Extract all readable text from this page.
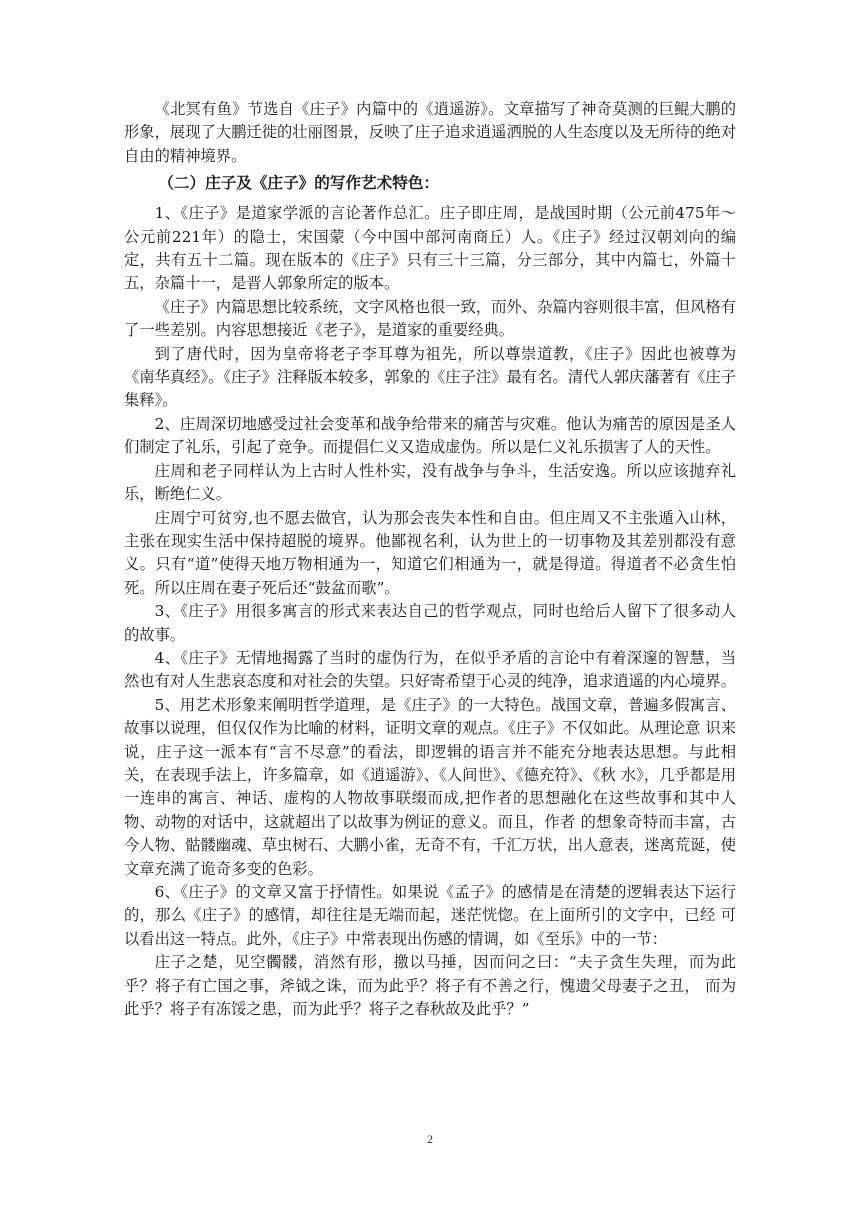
《北冥有鱼》节选自《庄子》内篇中的《逍遥游》。文章描写了神奇莫测的巨鲲大鹏的形象，展现了大鹏迁徙的壮丽图景，反映了庄子追求逍遥洒脱的人生态度以及无所待的绝对自由的精神境界。

（二）庄子及《庄子》的写作艺术特色：

1、《庄子》是道家学派的言论著作总汇。庄子即庄周，是战国时期（公元前475年～公元前221年）的隐士，宋国蒙（今中国中部河南商丘）人。《庄子》经过汉朝刘向的编定，共有五十二篇。现在版本的《庄子》只有三十三篇，分三部分，其中内篇七，外篇十五，杂篇十一，是晋人郭象所定的版本。

《庄子》内篇思想比较系统，文字风格也很一致，而外、杂篇内容则很丰富，但风格有了一些差别。内容思想接近《老子》，是道家的重要经典。

到了唐代时，因为皇帝将老子李耳尊为祖先，所以尊崇道教，《庄子》因此也被尊为《南华真经》。《庄子》注释版本较多，郭象的《庄子注》最有名。清代人郭庆藩著有《庄子集释》。

2、庄周深切地感受过社会变革和战争给带来的痛苦与灾难。他认为痛苦的原因是圣人们制定了礼乐，引起了竞争。而提倡仁义又造成虚伪。所以是仁义礼乐损害了人的天性。

庄周和老子同样认为上古时人性朴实，没有战争与争斗，生活安逸。所以应该抛弃礼乐，断绝仁义。

庄周宁可贫穷,也不愿去做官，认为那会丧失本性和自由。但庄周又不主张遁入山林，主张在现实生活中保持超脱的境界。他鄙视名利，认为世上的一切事物及其差别都没有意义。只有“道”使得天地万物相通为一，知道它们相通为一，就是得道。得道者不必贪生怕死。所以庄周在妻子死后还“鼓盆而歌”。

3、《庄子》用很多寓言的形式来表达自己的哲学观点，同时也给后人留下了很多动人的故事。

4、《庄子》无情地揭露了当时的虚伪行为，在似乎矛盾的言论中有着深邃的智慧，当然也有对人生悲哀态度和对社会的失望。只好寄希望于心灵的纯净，追求逍遥的内心境界。

5、用艺术形象来阐明哲学道理，是《庄子》的一大特色。战国文章，普遍多假寓言、故事以说理，但仅仅作为比喻的材料，证明文章的观点。《庄子》不仅如此。从理论意 识来说，庄子这一派本有“言不尽意”的看法，即逻辑的语言并不能充分地表达思想。与此相关，在表现手法上，许多篇章，如《逍遥游》、《人间世》、《德充符》、《秋 水》，几乎都是用一连串的寓言、神话、虚构的人物故事联缀而成,把作者的思想融化在这些故事和其中人物、动物的对话中，这就超出了以故事为例证的意义。而且，作者 的想象奇特而丰富，古今人物、骷髅幽魂、草虫树石、大鹏小雀，无奇不有，千汇万状，出人意表，迷离荒诞，使文章充满了诡奇多变的色彩。

6、《庄子》的文章又富于抒情性。如果说《孟子》的感情是在清楚的逻辑表达下运行的，那么《庄子》的感情，却往往是无端而起，迷茫恍惚。在上面所引的文字中，已经 可以看出这一特点。此外，《庄子》中常表现出伤感的情调，如《至乐》中的一节：

庄子之楚，见空髑髅，消然有形，撽以马捶，因而问之曰：“夫子贪生失理，而为此乎？将子有亡国之事，斧钺之诛，而为此乎？将子有不善之行，愧遗父母妻子之丑， 而为此乎？将子有冻馁之患，而为此乎？将子之春秋故及此乎？”

2
